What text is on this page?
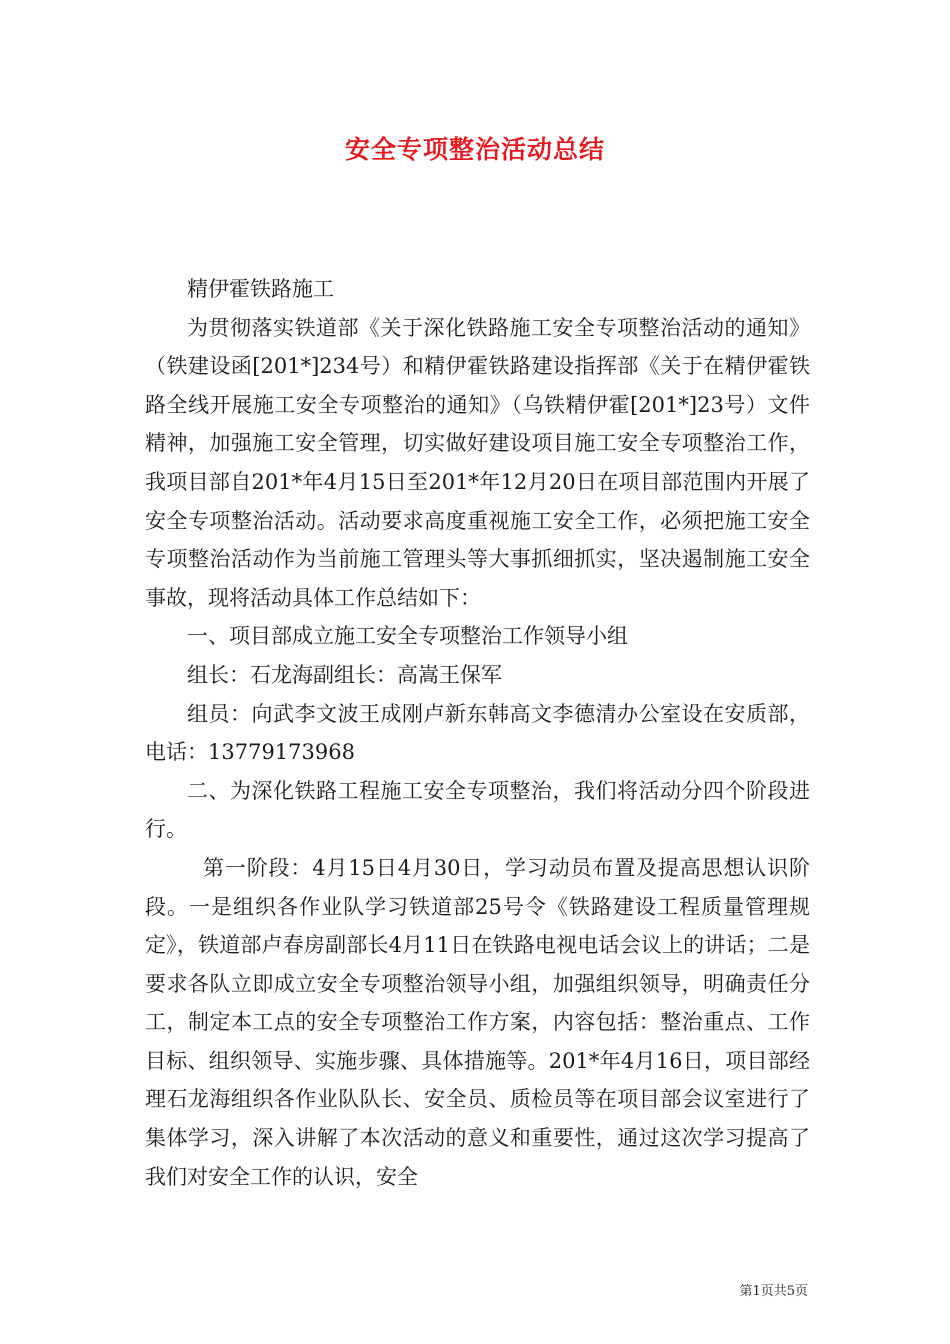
安全专项整治活动总结

精伊霍铁路施工

为贯彻落实铁道部《关于深化铁路施工安全专项整治活动的通知》（铁建设函[201*]234号）和精伊霍铁路建设指挥部《关于在精伊霍铁路全线开展施工安全专项整治的通知》（乌铁精伊霍[201*]23号）文件精神，加强施工安全管理，切实做好建设项目施工安全专项整治工作，我项目部自201*年4月15日至201*年12月20日在项目部范围内开展了安全专项整治活动。活动要求高度重视施工安全工作，必须把施工安全专项整治活动作为当前施工管理头等大事抓细抓实，坚决遏制施工安全事故，现将活动具体工作总结如下：

一、项目部成立施工安全专项整治工作领导小组

组长：石龙海副组长：高嵩王保军

组员：向武李文波王成刚卢新东韩高文李德清办公室设在安质部，电话：13779173968

二、为深化铁路工程施工安全专项整治，我们将活动分四个阶段进行。

第一阶段：4月15日4月30日，学习动员布置及提高思想认识阶段。一是组织各作业队学习铁道部25号令《铁路建设工程质量管理规定》，铁道部卢春房副部长4月11日在铁路电视电话会议上的讲话；二是要求各队立即成立安全专项整治领导小组，加强组织领导，明确责任分工，制定本工点的安全专项整治工作方案，内容包括：整治重点、工作目标、组织领导、实施步骤、具体措施等。201*年4月16日，项目部经理石龙海组织各作业队队长、安全员、质检员等在项目部会议室进行了集体学习，深入讲解了本次活动的意义和重要性，通过这次学习提高了我们对安全工作的认识，安全

第1页共5页
